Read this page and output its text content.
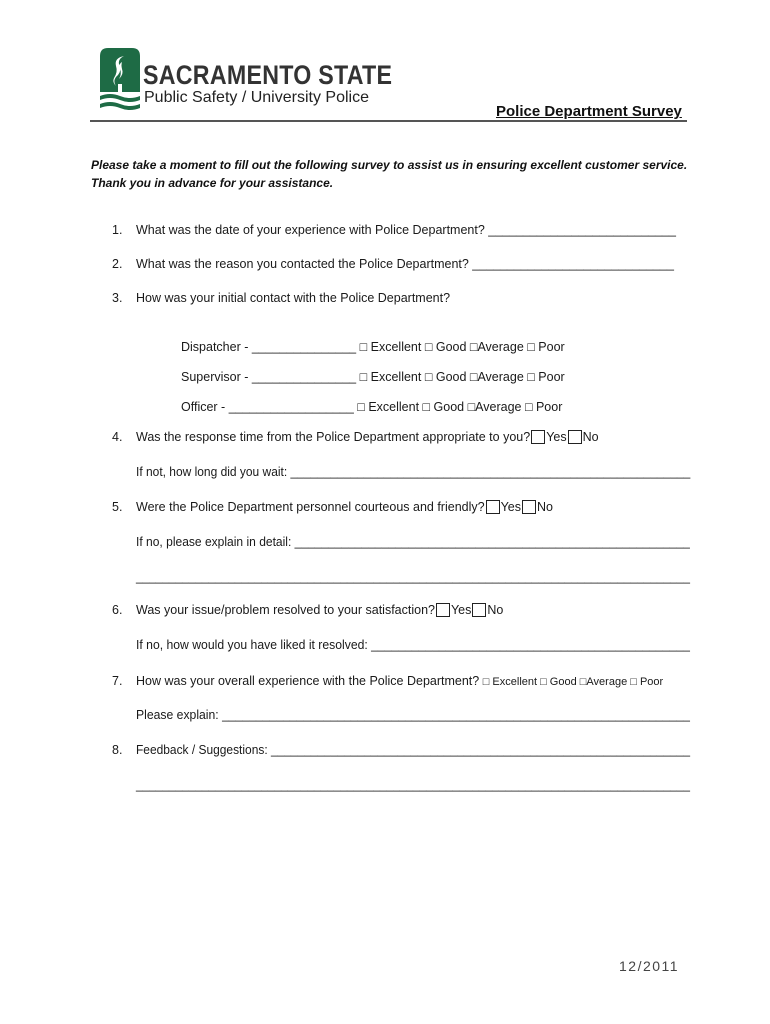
SACRAMENTO STATE
Public Safety / University Police
Police Department Survey
Please take a moment to fill out the following survey to assist us in ensuring excellent customer service.
Thank you in advance for your assistance.
1. What was the date of your experience with Police Department? ___________________________
2. What was the reason you contacted the Police Department? _____________________________
3. How was your initial contact with the Police Department?
Dispatcher - _______________ □ Excellent □ Good □Average □ Poor
Supervisor - _______________ □ Excellent □ Good □Average □ Poor
Officer - __________________ □ Excellent □ Good □Average □ Poor
4. Was the response time from the Police Department appropriate to you? Yes No
If not, how long did you wait: ____________________________________________________________
5. Were the Police Department personnel courteous and friendly? Yes No
If no, please explain in detail: ___________________________________________________________
____________________________________________________________________________________
6. Was your issue/problem resolved to your satisfaction? Yes No
If no, how would you have liked it resolved: _______________________________________________
7. How was your overall experience with the Police Department? □ Excellent □ Good □Average □ Poor
Please explain: _____________________________________________________________________
8. Feedback / Suggestions: _______________________________________________________________
____________________________________________________________________________________
12/2011
